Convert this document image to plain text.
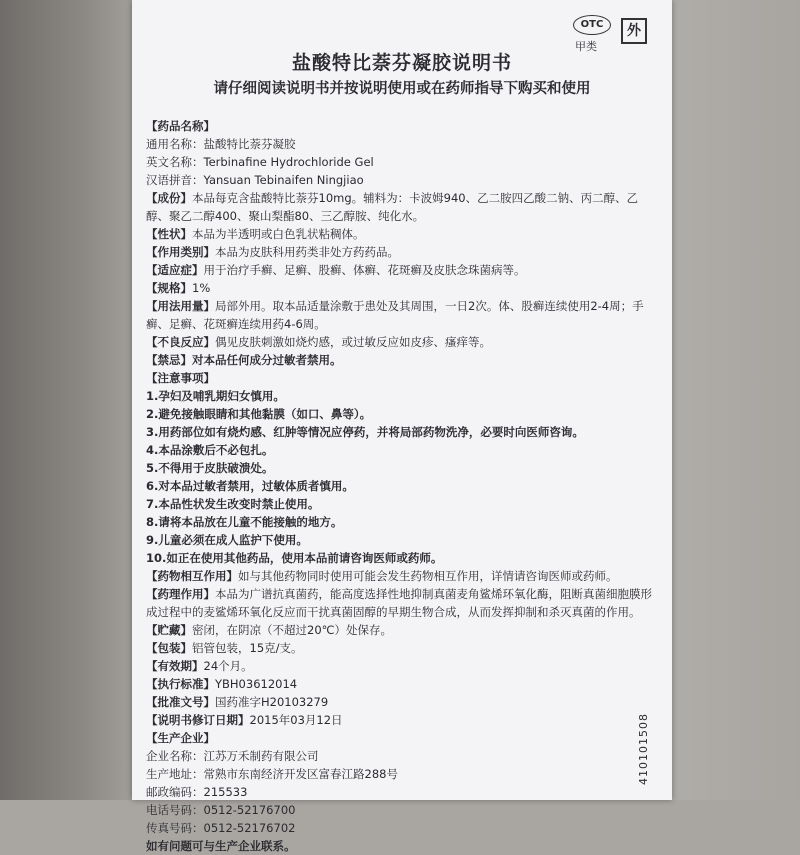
OTC
甲类
外
盐酸特比萘芬凝胶说明书
请仔细阅读说明书并按说明使用或在药师指导下购买和使用
【药品名称】
通用名称：盐酸特比萘芬凝胶
英文名称：Terbinafine Hydrochloride Gel
汉语拼音：Yansuan Tebinaifen Ningjiao
【成份】本品每克含盐酸特比萘芬10mg。辅料为：卡波姆940、乙二胺四乙酸二钠、丙二醇、乙醇、聚乙二醇400、聚山梨酯80、三乙醇胺、纯化水。
【性状】本品为半透明或白色乳状粘稠体。
【作用类别】本品为皮肤科用药类非处方药药品。
【适应症】用于治疗手癣、足癣、股癣、体癣、花斑癣及皮肤念珠菌病等。
【规格】1%
【用法用量】局部外用。取本品适量涂敷于患处及其周围，一日2次。体、股癣连续使用2-4周；手癣、足癣、花斑癣连续用药4-6周。
【不良反应】偶见皮肤刺激如烧灼感，或过敏反应如皮疹、瘙痒等。
【禁忌】对本品任何成分过敏者禁用。
【注意事项】
1.孕妇及哺乳期妇女慎用。
2.避免接触眼睛和其他黏膜（如口、鼻等）。
3.用药部位如有烧灼感、红肿等情况应停药，并将局部药物洗净，必要时向医师咨询。
4.本品涂敷后不必包扎。
5.不得用于皮肤破溃处。
6.对本品过敏者禁用，过敏体质者慎用。
7.本品性状发生改变时禁止使用。
8.请将本品放在儿童不能接触的地方。
9.儿童必须在成人监护下使用。
10.如正在使用其他药品，使用本品前请咨询医师或药师。
【药物相互作用】如与其他药物同时使用可能会发生药物相互作用，详情请咨询医师或药师。
【药理作用】本品为广谱抗真菌药，能高度选择性地抑制真菌麦角鲨烯环氧化酶，阻断真菌细胞膜形成过程中的麦鲨烯环氧化反应而干扰真菌固醇的早期生物合成，从而发挥抑制和杀灭真菌的作用。
【贮藏】密闭，在阴凉（不超过20℃）处保存。
【包装】铝管包装，15克/支。
【有效期】24个月。
【执行标准】YBH03612014
【批准文号】国药准字H20103279
【说明书修订日期】2015年03月12日
【生产企业】
企业名称：江苏万禾制药有限公司
生产地址：常熟市东南经济开发区富春江路288号
邮政编码：215533
电话号码：0512-52176700
传真号码：0512-52176702
如有问题可与生产企业联系。
410101508
